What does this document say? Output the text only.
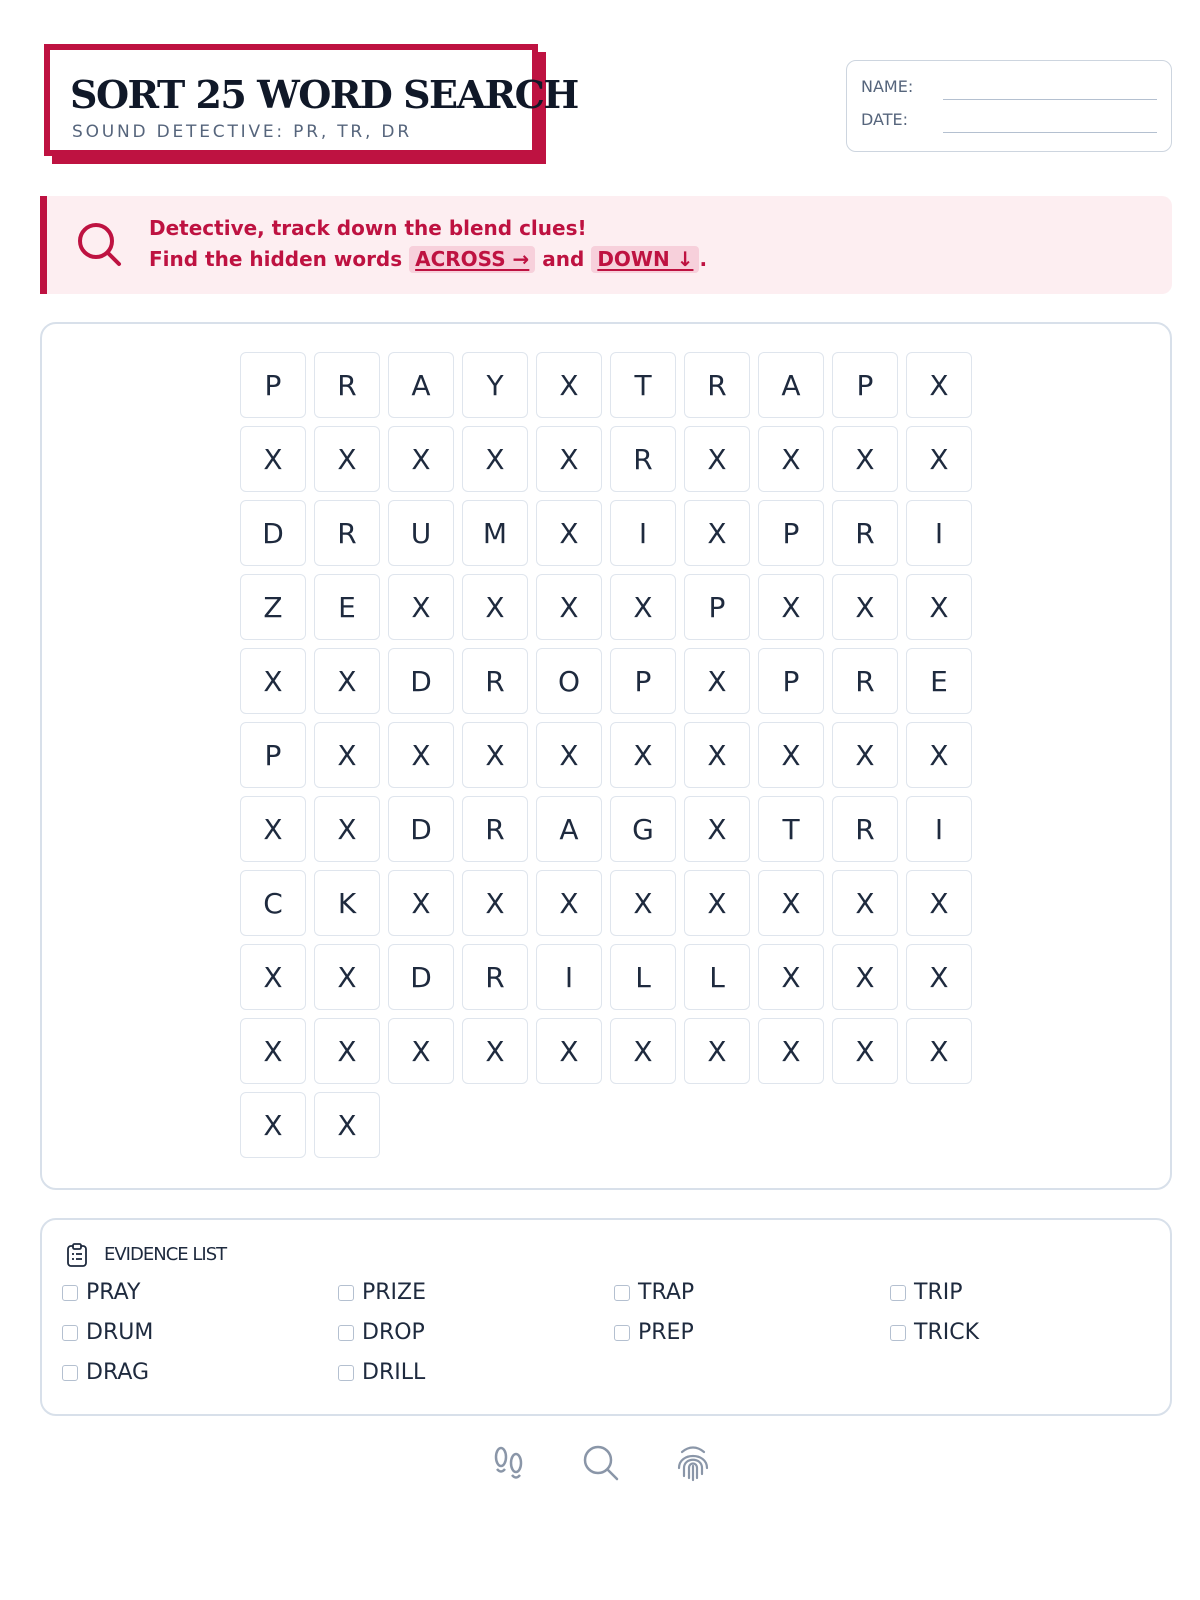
SORT 25 WORD SEARCH
SOUND DETECTIVE: PR, TR, DR
NAME:
DATE:
Detective, track down the blend clues!
Find the hidden words ACROSS → and DOWN ↓ .
P	R	A	Y	X	T	R	A	P	X
X	X	X	X	X	R	X	X	X	X
D	R	U	M	X	I	X	P	R	I
Z	E	X	X	X	X	P	X	X	X
X	X	D	R	O	P	X	P	R	E
P	X	X	X	X	X	X	X	X	X
X	X	D	R	A	G	X	T	R	I
C	K	X	X	X	X	X	X	X	X
X	X	D	R	I	L	L	X	X	X
X	X	X	X	X	X	X	X	X	X
X	X
EVIDENCE LIST
PRAY	PRIZE	TRAP	TRIP
DRUM	DROP	PREP	TRICK
DRAG	DRILL
